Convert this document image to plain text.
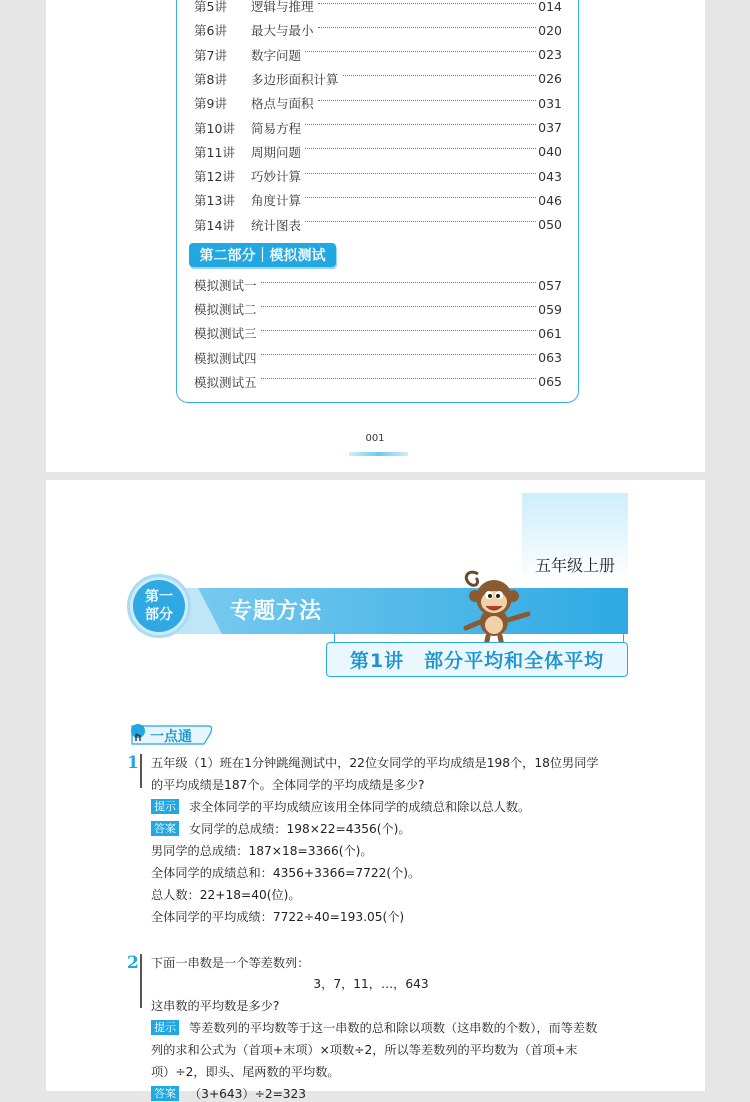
第5讲	逻辑与推理	014
第6讲	最大与最小	020
第7讲	数字问题	023
第8讲	多边形面积计算	026
第9讲	格点与面积	031
第10讲	简易方程	037
第11讲	周期问题	040
第12讲	巧妙计算	043
第13讲	角度计算	046
第14讲	统计图表	050
第二部分｜模拟测试
模拟测试一	057
模拟测试二	059
模拟测试三	061
模拟测试四	063
模拟测试五	065
001
五年级上册
第一
部分	专题方法
第1讲　部分平均和全体平均
一点通
1 五年级（1）班在1分钟跳绳测试中，22位女同学的平均成绩是198个，18位男同学
的平均成绩是187个。全体同学的平均成绩是多少?
提示 求全体同学的平均成绩应该用全体同学的成绩总和除以总人数。
答案 女同学的总成绩：198×22=4356(个)。
男同学的总成绩：187×18=3366(个)。
全体同学的成绩总和：4356+3366=7722(个)。
总人数：22+18=40(位)。
全体同学的平均成绩：7722÷40=193.05(个)
2 下面一串数是一个等差数列：
3，7，11，…，643
这串数的平均数是多少?
提示 等差数列的平均数等于这一串数的总和除以项数（这串数的个数），而等差数
列的求和公式为（首项+末项）×项数÷2，所以等差数列的平均数为（首项+末
项）÷2，即头、尾两数的平均数。
答案 （3+643）÷2=323
